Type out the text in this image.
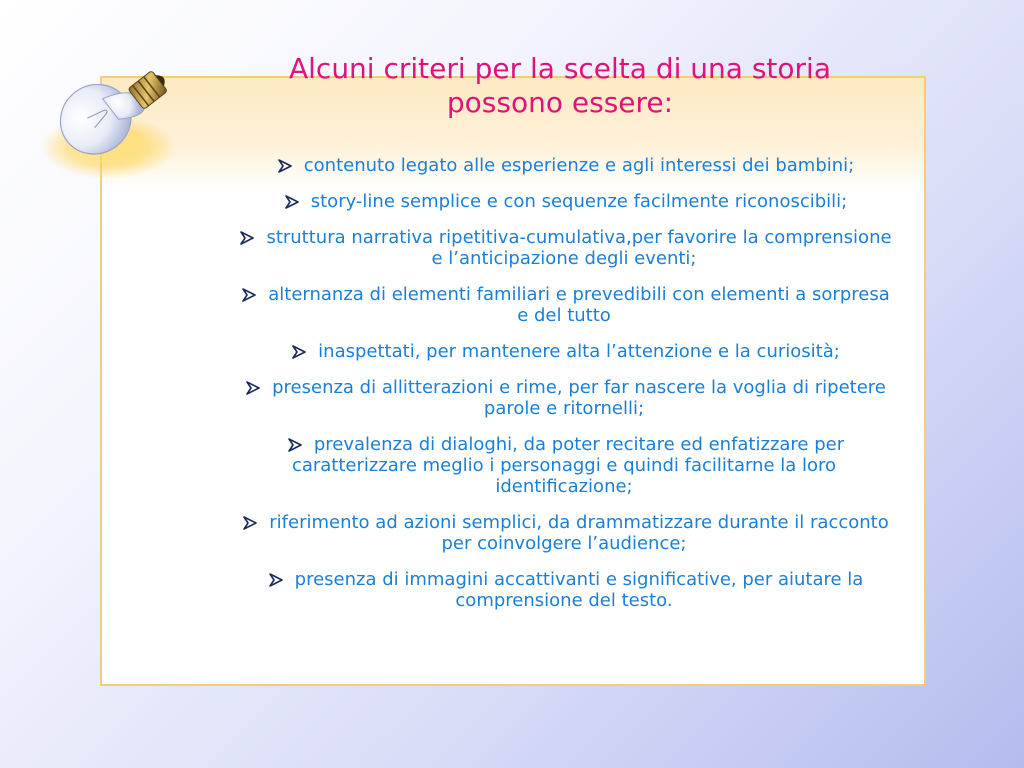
Alcuni criteri per la scelta di una storia
possono essere:
contenuto legato alle esperienze e agli interessi dei bambini;
story-line semplice e con sequenze facilmente riconoscibili;
struttura narrativa ripetitiva-cumulativa,per favorire la comprensione e l’anticipazione degli eventi;
alternanza di elementi familiari e prevedibili con elementi a sorpresa e del tutto
inaspettati, per mantenere alta l’attenzione e la curiosità;
presenza di allitterazioni e rime, per far nascere la voglia di ripetere parole e ritornelli;
prevalenza di dialoghi, da poter recitare ed enfatizzare per caratterizzare meglio i personaggi e quindi facilitarne la loro identificazione;
riferimento ad azioni semplici, da drammatizzare durante il racconto per coinvolgere l’audience;
presenza di immagini accattivanti e significative, per aiutare la comprensione del testo.
